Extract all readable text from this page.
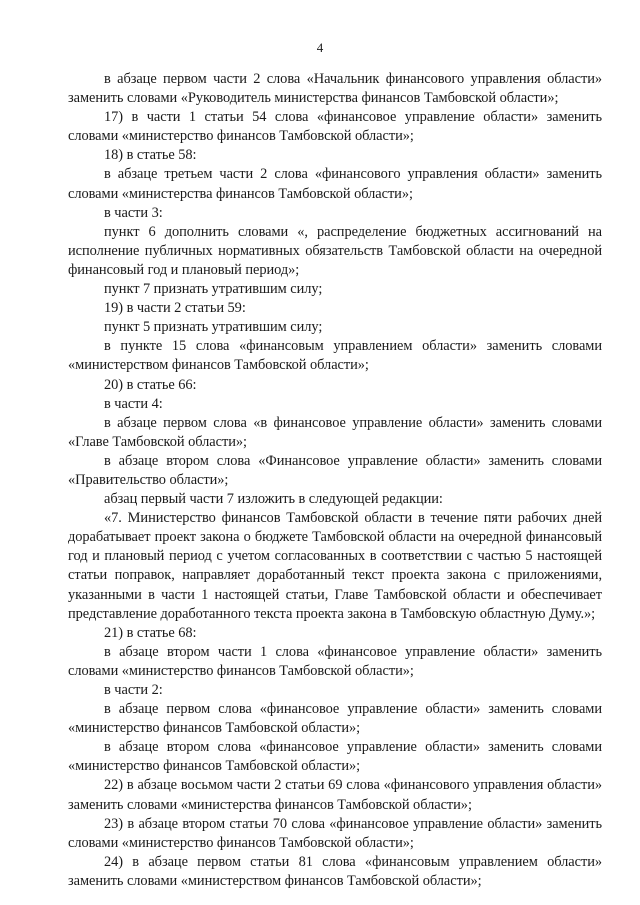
4

в абзаце первом части 2 слова «Начальник финансового управления области» заменить словами «Руководитель министерства финансов Тамбовской области»;

17) в части 1 статьи 54 слова «финансовое управление области» заменить словами «министерство финансов Тамбовской области»;

18) в статье 58:

в абзаце третьем части 2 слова «финансового управления области» заменить словами «министерства финансов Тамбовской области»;

в части 3:

пункт 6 дополнить словами «, распределение бюджетных ассигнований на исполнение публичных нормативных обязательств Тамбовской области на очередной финансовый год и плановый период»;

пункт 7 признать утратившим силу;

19) в части 2 статьи 59:

пункт 5 признать утратившим силу;

в пункте 15 слова «финансовым управлением области» заменить словами «министерством финансов Тамбовской области»;

20) в статье 66:

в части 4:

в абзаце первом слова «в финансовое управление области» заменить словами «Главе Тамбовской области»;

в абзаце втором слова «Финансовое управление области» заменить словами «Правительство области»;

абзац первый части 7 изложить в следующей редакции:

«7. Министерство финансов Тамбовской области в течение пяти рабочих дней дорабатывает проект закона о бюджете Тамбовской области на очередной финансовый год и плановый период с учетом согласованных в соответствии с частью 5 настоящей статьи поправок, направляет доработанный текст проекта закона с приложениями, указанными в части 1 настоящей статьи, Главе Тамбовской области и обеспечивает представление доработанного текста проекта закона в Тамбовскую областную Думу.»;

21) в статье 68:

в абзаце втором части 1 слова «финансовое управление области» заменить словами «министерство финансов Тамбовской области»;

в части 2:

в абзаце первом слова «финансовое управление области» заменить словами «министерство финансов Тамбовской области»;

в абзаце втором слова «финансовое управление области» заменить словами «министерство финансов Тамбовской области»;

22) в абзаце восьмом части 2 статьи 69 слова «финансового управления области» заменить словами «министерства финансов Тамбовской области»;

23) в абзаце втором статьи 70 слова «финансовое управление области» заменить словами «министерство финансов Тамбовской области»;

24) в абзаце первом статьи 81 слова «финансовым управлением области» заменить словами «министерством финансов Тамбовской области»;
